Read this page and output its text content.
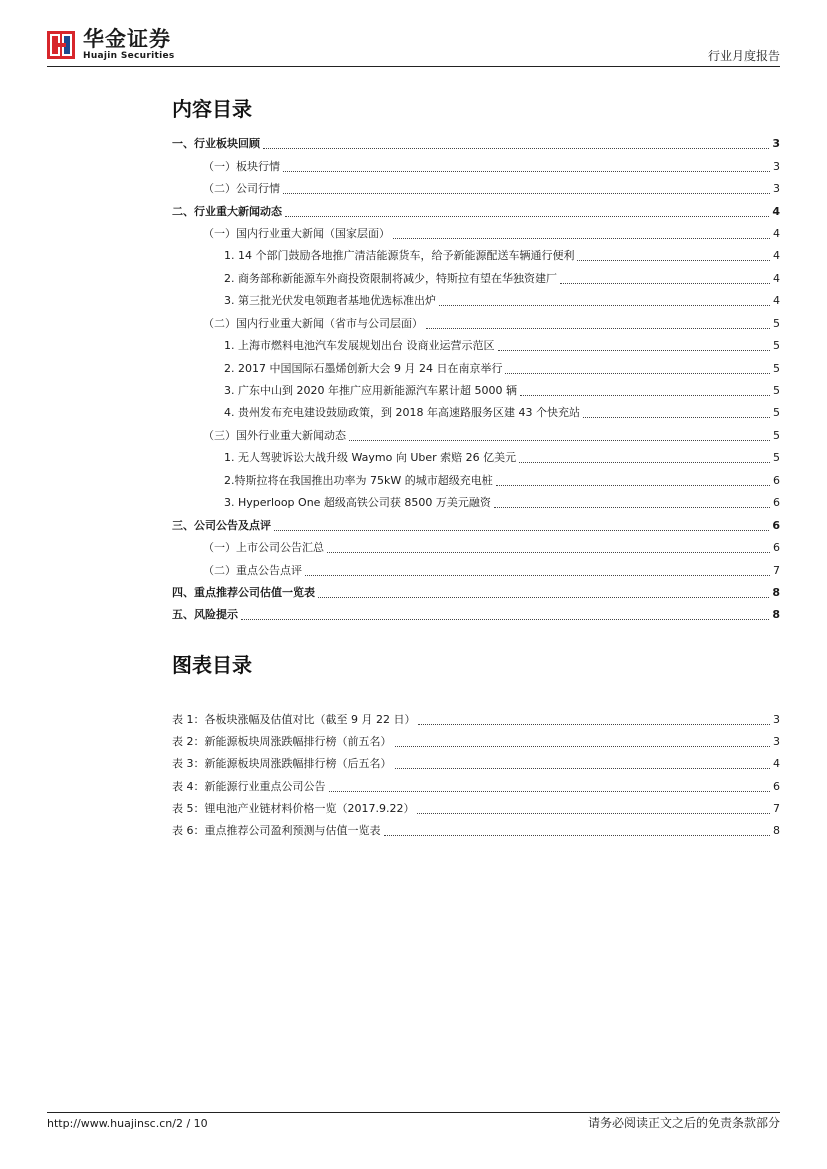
华金证券
Huajin Securities	行业月度报告
内容目录
一、行业板块回顾	3
（一）板块行情	3
（二）公司行情	3
二、行业重大新闻动态	4
（一）国内行业重大新闻（国家层面）	4
1. 14 个部门鼓励各地推广清洁能源货车，给予新能源配送车辆通行便利	4
2. 商务部称新能源车外商投资限制将减少，特斯拉有望在华独资建厂	4
3. 第三批光伏发电领跑者基地优选标准出炉	4
（二）国内行业重大新闻（省市与公司层面）	5
1. 上海市燃料电池汽车发展规划出台 设商业运营示范区	5
2. 2017 中国国际石墨烯创新大会 9 月 24 日在南京举行	5
3. 广东中山到 2020 年推广应用新能源汽车累计超 5000 辆	5
4. 贵州发布充电建设鼓励政策，到 2018 年高速路服务区建 43 个快充站	5
（三）国外行业重大新闻动态	5
1. 无人驾驶诉讼大战升级 Waymo 向 Uber 索赔 26 亿美元	5
2.特斯拉将在我国推出功率为 75kW 的城市超级充电桩	6
3. Hyperloop One 超级高铁公司获 8500 万美元融资	6
三、公司公告及点评	6
（一）上市公司公告汇总	6
（二）重点公告点评	7
四、重点推荐公司估值一览表	8
五、风险提示	8
图表目录
表 1：各板块涨幅及估值对比（截至 9 月 22 日）	3
表 2：新能源板块周涨跌幅排行榜（前五名）	3
表 3：新能源板块周涨跌幅排行榜（后五名）	4
表 4：新能源行业重点公司公告	6
表 5：锂电池产业链材料价格一览（2017.9.22）	7
表 6：重点推荐公司盈利预测与估值一览表	8
http://www.huajinsc.cn/2 / 10	请务必阅读正文之后的免责条款部分
